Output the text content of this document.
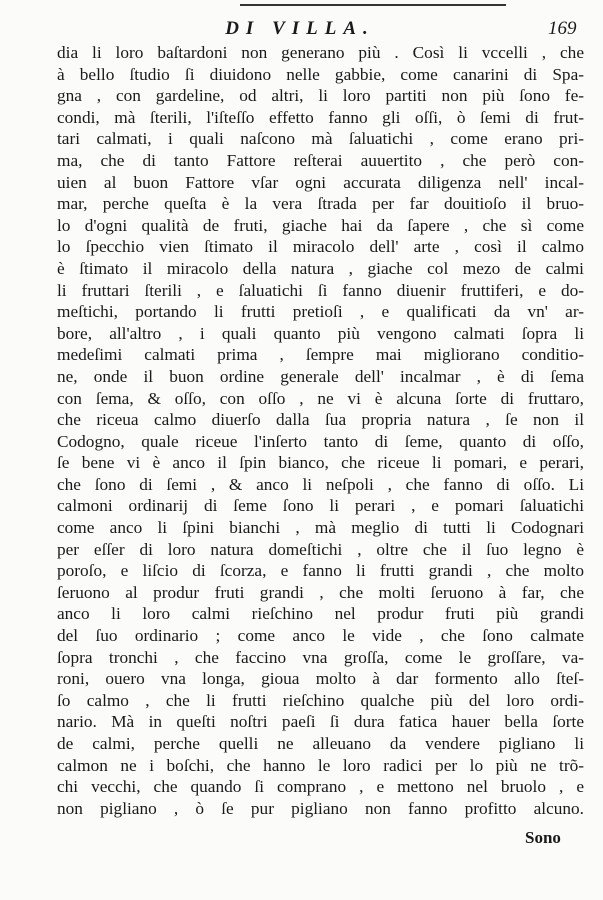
DI VILLA.	169
dia li loro baſtardoni non generano più . Così li vccelli , che
à bello ſtudio ſi diuidono nelle gabbie, come canarini di Spa-
gna , con gardeline, od altri, li loro partiti non più ſono fe-
condi, mà ſterili, l'iſteſſo effetto fanno gli oſſi, ò ſemi di frut-
tari calmati, i quali naſcono mà ſaluatichi , come erano pri-
ma, che di tanto Fattore reſterai auuertito , che però con-
uien al buon Fattore vſar ogni accurata diligenza nell' incal-
mar, perche queſta è la vera ſtrada per far douitioſo il bruo-
lo d'ogni qualità de fruti, giache hai da ſapere , che sì come
lo ſpecchio vien ſtimato il miracolo dell' arte , così il calmo
è ſtimato il miracolo della natura , giache col mezo de calmi
li fruttari ſterili , e ſaluatichi ſi fanno diuenir fruttiferi, e do-
meſtichi, portando li frutti pretioſi , e qualificati da vn' ar-
bore, all'altro , i quali quanto più vengono calmati ſopra li
medeſimi calmati prima , ſempre mai migliorano conditio-
ne, onde il buon ordine generale dell' incalmar , è di ſema
con ſema, & oſſo, con oſſo , ne vi è alcuna ſorte di fruttaro,
che riceua calmo diuerſo dalla ſua propria natura , ſe non il
Codogno, quale riceue l'inſerto tanto di ſeme, quanto di oſſo,
ſe bene vi è anco il ſpin bianco, che riceue li pomari, e perari,
che ſono di ſemi , & anco li neſpoli , che fanno di oſſo. Li
calmoni ordinarij di ſeme ſono li perari , e pomari ſaluatichi
come anco li ſpini bianchi , mà meglio di tutti li Codognari
per eſſer di loro natura domeſtichi , oltre che il ſuo legno è
poroſo, e liſcio di ſcorza, e fanno li frutti grandi , che molto
ſeruono al produr fruti grandi , che molti ſeruono à far, che
anco li loro calmi rieſchino nel produr fruti più grandi
del ſuo ordinario ; come anco le vide , che ſono calmate
ſopra tronchi , che faccino vna groſſa, come le groſſare, va-
roni, ouero vna longa, gioua molto à dar formento allo ſteſ-
ſo calmo , che li frutti rieſchino qualche più del loro ordi-
nario. Mà in queſti noſtri paeſi ſi dura fatica hauer bella ſorte
de calmi, perche quelli ne alleuano da vendere pigliano li
calmon ne i boſchi, che hanno le loro radici per lo più ne trõ-
chi vecchi, che quando ſi comprano , e mettono nel bruolo , e
non pigliano , ò ſe pur pigliano non fanno profitto alcuno.
Sono
